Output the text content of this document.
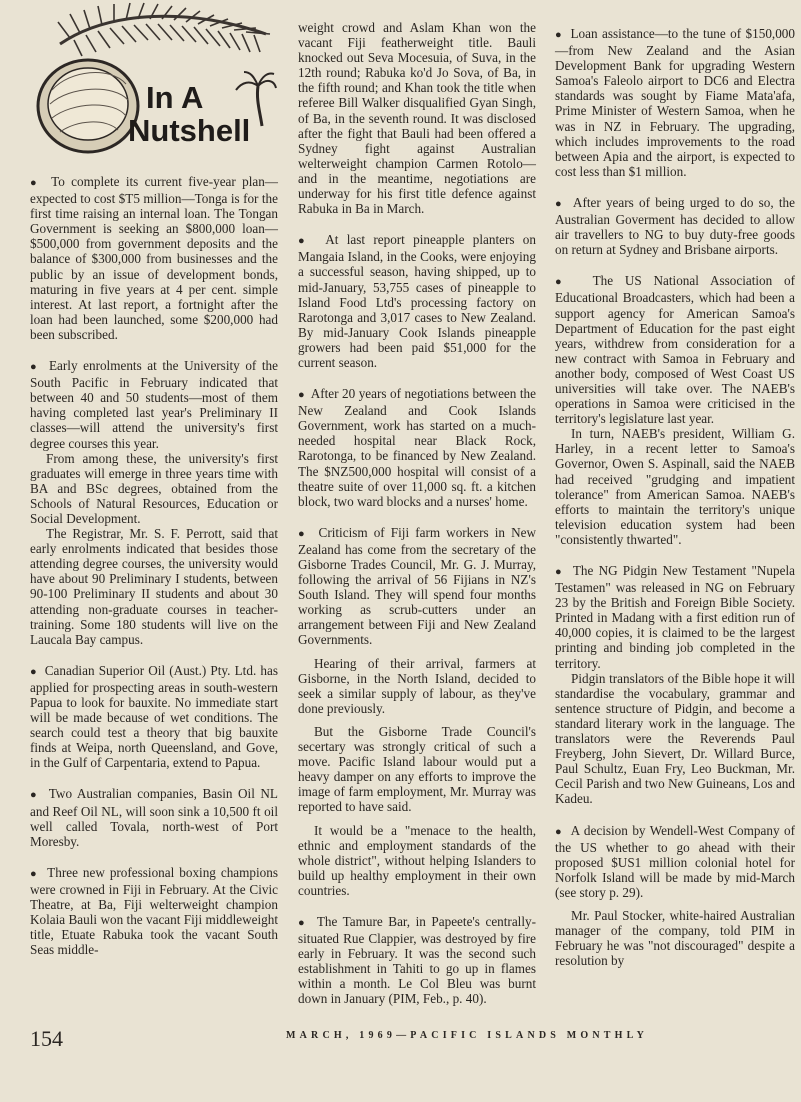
In A
Nutshell

●  To complete its current five-year plan—expected to cost $T5 million—Tonga is for the first time raising an internal loan. The Tongan Government is seeking an $800,000 loan—$500,000 from government deposits and the balance of $300,000 from businesses and the public by an issue of development bonds, maturing in five years at 4 per cent. simple interest. At last report, a fortnight after the loan had been launched, some $200,000 had been subscribed.

●  Early enrolments at the University of the South Pacific in February indicated that between 40 and 50 students—most of them having completed last year's Preliminary II classes—will attend the university's first degree courses this year.

From among these, the university's first graduates will emerge in three years time with BA and BSc degrees, obtained from the Schools of Natural Resources, Education or Social Development.

The Registrar, Mr. S. F. Perrott, said that early enrolments indicated that besides those attending degree courses, the university would have about 90 Preliminary I students, between 90-100 Preliminary II students and about 30 attending non-graduate courses in teacher-training. Some 180 students will live on the Laucala Bay campus.

●  Canadian Superior Oil (Aust.) Pty. Ltd. has applied for prospecting areas in south-western Papua to look for bauxite. No immediate start will be made because of wet conditions. The search could test a theory that big bauxite finds at Weipa, north Queensland, and Gove, in the Gulf of Carpentaria, extend to Papua.

●  Two Australian companies, Basin Oil NL and Reef Oil NL, will soon sink a 10,500 ft oil well called Tovala, north-west of Port Moresby.

●  Three new professional boxing champions were crowned in Fiji in February. At the Civic Theatre, at Ba, Fiji welterweight champion Kolaia Bauli won the vacant Fiji middleweight title, Etuate Rabuka took the vacant South Seas middle-

weight crowd and Aslam Khan won the vacant Fiji featherweight title. Bauli knocked out Seva Mocesuia, of Suva, in the 12th round; Rabuka ko'd Jo Sova, of Ba, in the fifth round; and Khan took the title when referee Bill Walker disqualified Gyan Singh, of Ba, in the seventh round. It was disclosed after the fight that Bauli had been offered a Sydney fight against Australian welterweight champion Carmen Rotolo—and in the meantime, negotiations are underway for his first title defence against Rabuka in Ba in March.

●  At last report pineapple planters on Mangaia Island, in the Cooks, were enjoying a successful season, having shipped, up to mid-January, 53,755 cases of pineapple to Island Food Ltd's processing factory on Rarotonga and 3,017 cases to New Zealand. By mid-January Cook Islands pineapple growers had been paid $51,000 for the current season.

●  After 20 years of negotiations between the New Zealand and Cook Islands Government, work has started on a much-needed hospital near Black Rock, Rarotonga, to be financed by New Zealand. The $NZ500,000 hospital will consist of a theatre suite of over 11,000 sq. ft. a kitchen block, two ward blocks and a nurses' home.

●  Criticism of Fiji farm workers in New Zealand has come from the secretary of the Gisborne Trades Council, Mr. G. J. Murray, following the arrival of 56 Fijians in NZ's South Island. They will spend four months working as scrub-cutters under an arrangement between Fiji and New Zealand Governments.

Hearing of their arrival, farmers at Gisborne, in the North Island, decided to seek a similar supply of labour, as they've done previously.

But the Gisborne Trade Council's secertary was strongly critical of such a move. Pacific Island labour would put a heavy damper on any efforts to improve the image of farm employment, Mr. Murray was reported to have said.

It would be a "menace to the health, ethnic and employment standards of the whole district", without helping Islanders to build up healthy employment in their own countries.

●  The Tamure Bar, in Papeete's centrally-situated Rue Clappier, was destroyed by fire early in February. It was the second such establishment in Tahiti to go up in flames within a month. Le Col Bleu was burnt down in January (PIM, Feb., p. 40).

●  Loan assistance—to the tune of $150,000—from New Zealand and the Asian Development Bank for upgrading Western Samoa's Faleolo airport to DC6 and Electra standards was sought by Fiame Mata'afa, Prime Minister of Western Samoa, when he was in NZ in February. The upgrading, which includes improvements to the road between Apia and the airport, is expected to cost less than $1 million.

●  After years of being urged to do so, the Australian Goverment has decided to allow air travellers to NG to buy duty-free goods on return at Sydney and Brisbane airports.

●  The US National Association of Educational Broadcasters, which had been a support agency for American Samoa's Department of Education for the past eight years, withdrew from consideration for a new contract with Samoa in February and another body, composed of West Coast US universities will take over. The NAEB's operations in Samoa were criticised in the territory's legislature last year.

In turn, NAEB's president, William G. Harley, in a recent letter to Samoa's Governor, Owen S. Aspinall, said the NAEB had received "grudging and impatient tolerance" from American Samoa. NAEB's efforts to maintain the territory's unique television education system had been "consistently thwarted".

●  The NG Pidgin New Testament "Nupela Testamen" was released in NG on February 23 by the British and Foreign Bible Society. Printed in Madang with a first edition run of 40,000 copies, it is claimed to be the largest printing and binding job completed in the territory.

Pidgin translators of the Bible hope it will standardise the vocabulary, grammar and sentence structure of Pidgin, and become a standard literary work in the language. The translators were the Reverends Paul Freyberg, John Sievert, Dr. Willard Burce, Paul Schultz, Euan Fry, Leo Buckman, Mr. Cecil Parish and two New Guineans, Los and Kadeu.

●  A decision by Wendell-West Company of the US whether to go ahead with their proposed $US1 million colonial hotel for Norfolk Island will be made by mid-March (see story p. 29).

Mr. Paul Stocker, white-haired Australian manager of the company, told PIM in February he was "not discouraged" despite a resolution by

154	MARCH, 1969—PACIFIC ISLANDS MONTHLY
